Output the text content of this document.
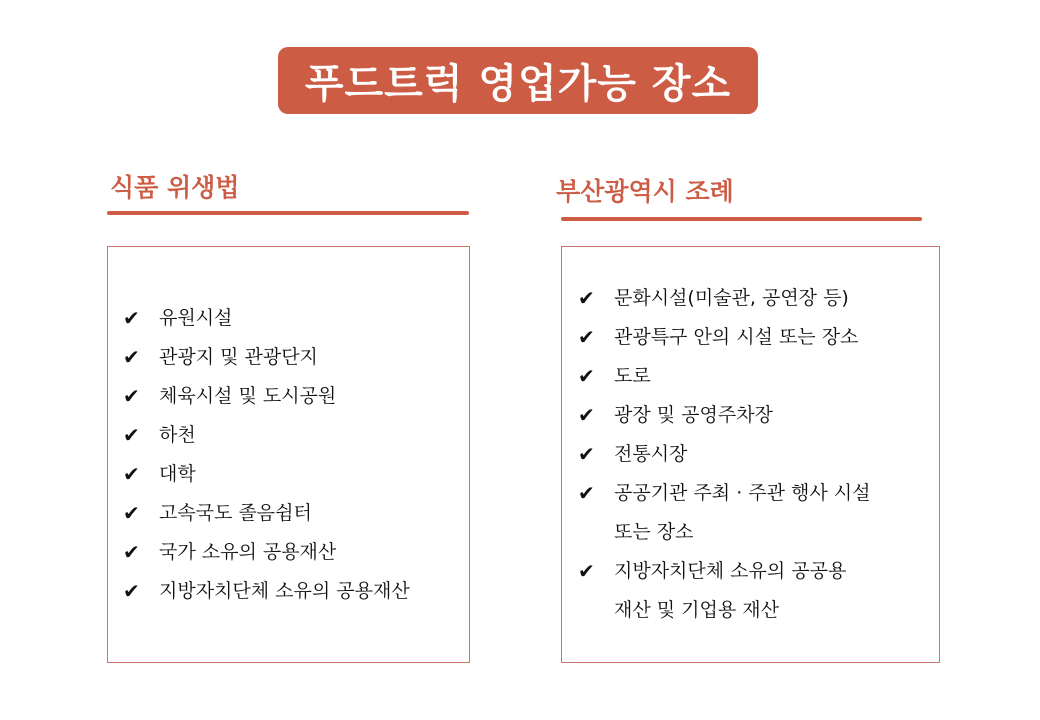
푸드트럭 영업가능 장소
식품 위생법
✔	유원시설
✔	관광지 및 관광단지
✔	체육시설 및 도시공원
✔	하천
✔	대학
✔	고속국도 졸음쉼터
✔	국가 소유의 공용재산
✔	지방자치단체 소유의 공용재산
부산광역시 조례
✔	문화시설(미술관, 공연장 등)
✔	관광특구 안의 시설 또는 장소
✔	도로
✔	광장 및 공영주차장
✔	전통시장
✔	공공기관 주최 · 주관 행사 시설
또는 장소
✔	지방자치단체 소유의 공공용
재산 및 기업용 재산
